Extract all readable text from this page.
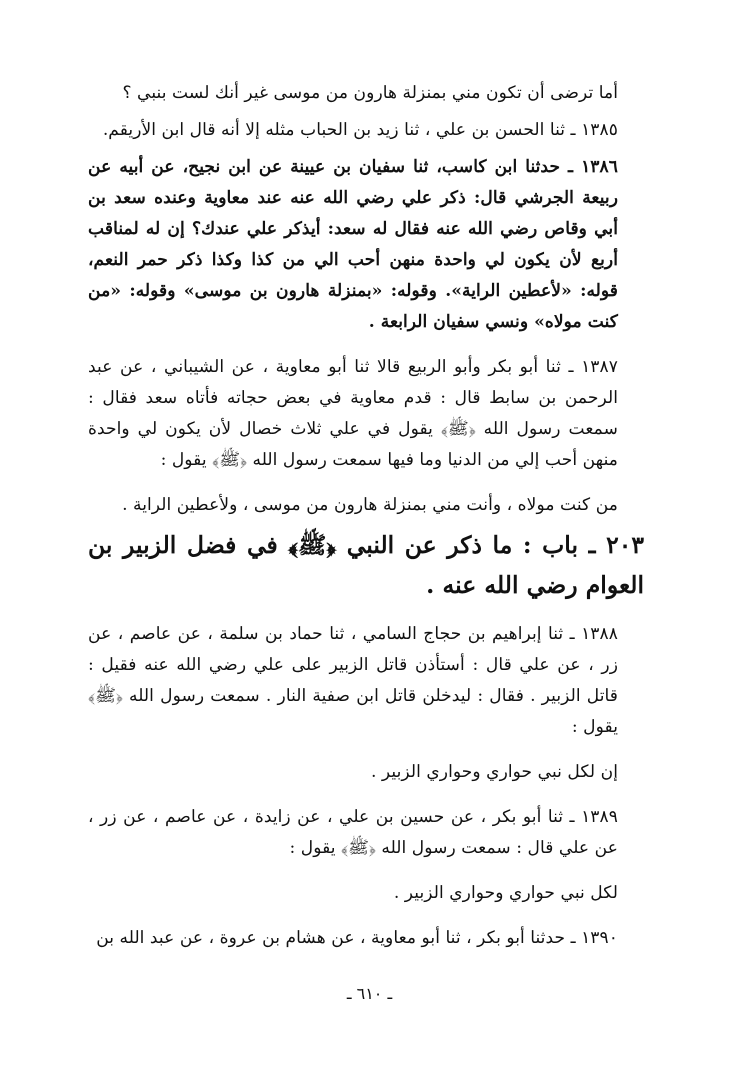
أما ترضى أن تكون مني بمنزلة هارون من موسى غير أنك لست بنبي ؟

١٣٨٥ ـ ثنا الحسن بن علي ، ثنا زيد بن الحباب مثله إلا أنه قال ابن الأريقم.

١٣٨٦ ـ حدثنا ابن كاسب، ثنا سفيان بن عيينة عن ابن نجيح، عن أبيه عن ربيعة الجرشي قال: ذكر علي رضي الله عنه عند معاوية وعنده سعد بن أبي وقاص رضي الله عنه فقال له سعد: أيذكر علي عندك؟ إن له لمناقب أربع لأن يكون لي واحدة منهن أحب الي من كذا وكذا ذكر حمر النعم، قوله: «لأعطين الراية». وقوله: «بمنزلة هارون بن موسى» وقوله: «من كنت مولاه» ونسي سفيان الرابعة .

١٣٨٧ ـ ثنا أبو بكر وأبو الربيع قالا ثنا أبو معاوية ، عن الشيباني ، عن عبد الرحمن بن سابط قال : قدم معاوية في بعض حجاته فأتاه سعد فقال : سمعت رسول الله ﴿ﷺ﴾ يقول في علي ثلاث خصال لأن يكون لي واحدة منهن أحب إلي من الدنيا وما فيها سمعت رسول الله ﴿ﷺ﴾ يقول :

من كنت مولاه ، وأنت مني بمنزلة هارون من موسى ، ولأعطين الراية .

٢٠٣ ـ باب : ما ذكر عن النبي ﴿ﷺ﴾ في فضل الزبير بن العوام رضي الله عنه .

١٣٨٨ ـ ثنا إبراهيم بن حجاج السامي ، ثنا حماد بن سلمة ، عن عاصم ، عن زر ، عن علي قال : أستأذن قاتل الزبير على علي رضي الله عنه فقيل : قاتل الزبير . فقال : ليدخلن قاتل ابن صفية النار . سمعت رسول الله ﴿ﷺ﴾ يقول :

إن لكل نبي حواري وحواري الزبير .

١٣٨٩ ـ ثنا أبو بكر ، عن حسين بن علي ، عن زايدة ، عن عاصم ، عن زر ، عن علي قال : سمعت رسول الله ﴿ﷺ﴾ يقول :

لكل نبي حواري وحواري الزبير .

١٣٩٠ ـ حدثنا أبو بكر ، ثنا أبو معاوية ، عن هشام بن عروة ، عن عبد الله بن

ـ ٦١٠ ـ
